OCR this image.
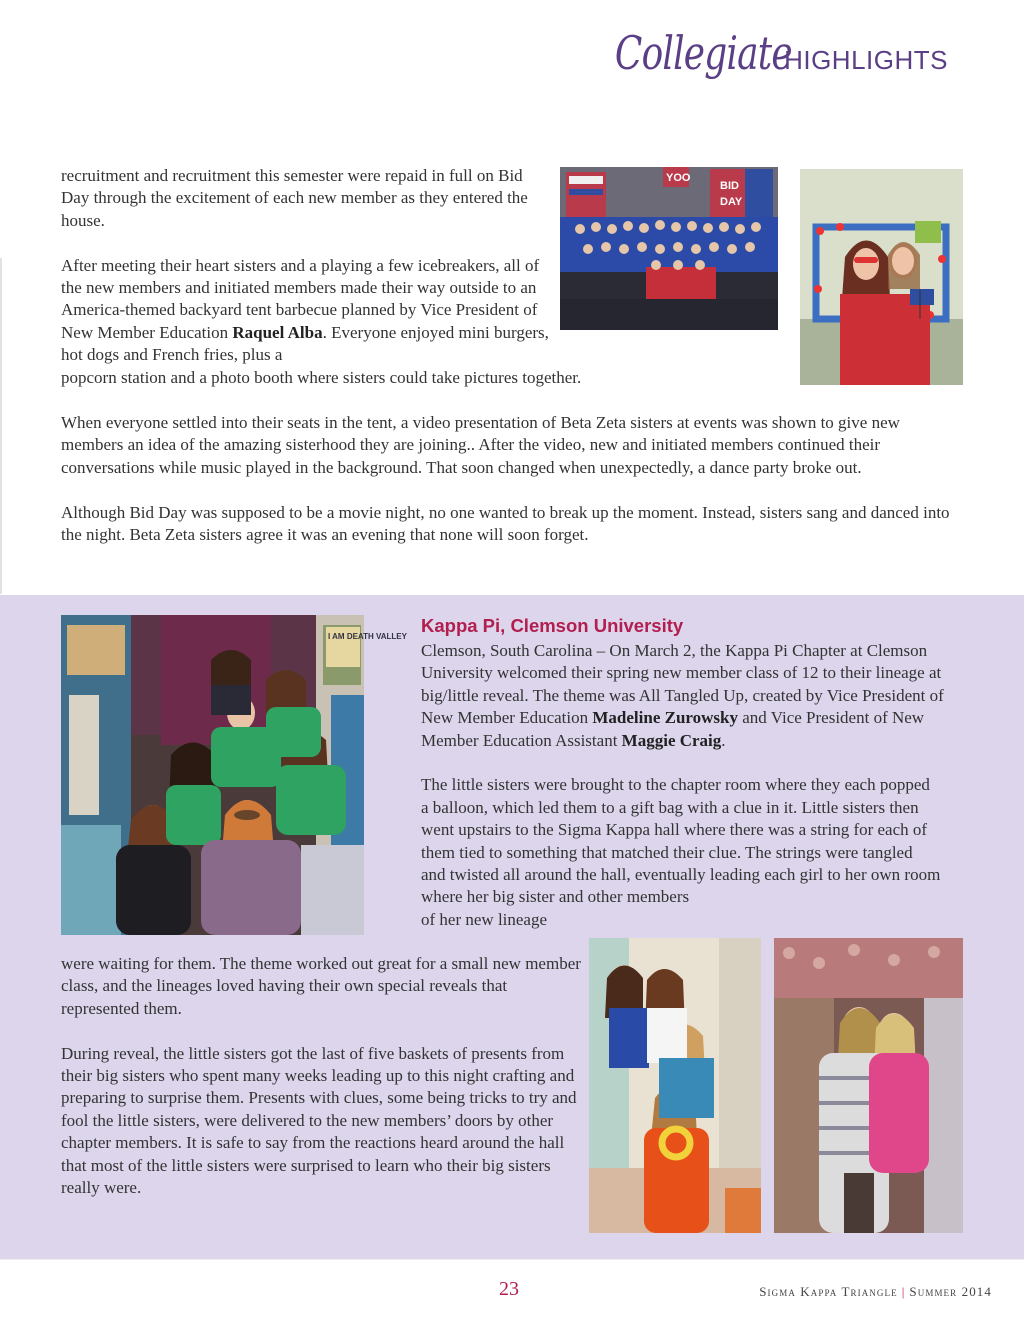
Collegiate
HIGHLIGHTS

recruitment and recruitment this semester were repaid in full on Bid Day through the excitement of each new member as they entered the house.

After meeting their heart sisters and a playing a few icebreakers, all of the new members and initiated members made their way outside to an America-themed backyard tent barbecue planned by Vice President of New Member Education Raquel Alba. Everyone enjoyed mini burgers, hot dogs and French fries, plus a

popcorn station and a photo booth where sisters could take pictures together.

BID
DAY
YOO

When everyone settled into their seats in the tent, a video presentation of Beta Zeta sisters at events was shown to give new members an idea of the amazing sisterhood they are joining.. After the video, new and initiated members continued their conversations while music played in the background. That soon changed when unexpectedly, a dance party broke out.

Although Bid Day was supposed to be a movie night, no one wanted to break up the moment. Instead, sisters sang and danced into the night. Beta Zeta sisters agree it was an evening that none will soon forget.

I AM DEATH VALLEY
Kappa Pi, Clemson University

Clemson, South Carolina – On March 2, the Kappa Pi Chapter at Clemson University welcomed their spring new member class of 12 to their lineage at big/little reveal. The theme was All Tangled Up, created by Vice President of New Member Education Madeline Zurowsky and Vice President of New Member Education Assistant Maggie Craig.

The little sisters were brought to the chapter room where they each popped a balloon, which led them to a gift bag with a clue in it. Little sisters then went upstairs to the Sigma Kappa hall where there was a string for each of them tied to something that matched their clue. The strings were tangled and twisted all around the hall, eventually leading each girl to her own room where her big sister and other members

of her new lineage

were waiting for them. The theme worked out great for a small new member class, and the lineages loved having their own special reveals that represented them.

During reveal, the little sisters got the last of five baskets of presents from their big sisters who spent many weeks leading up to this night crafting and preparing to surprise them. Presents with clues, some being tricks to try and fool the little sisters, were delivered to the new members’ doors by other chapter members. It is safe to say from the reactions heard around the hall that most of the little sisters were surprised to learn who their big sisters really were.

23	Sigma Kappa Triangle | Summer 2014
